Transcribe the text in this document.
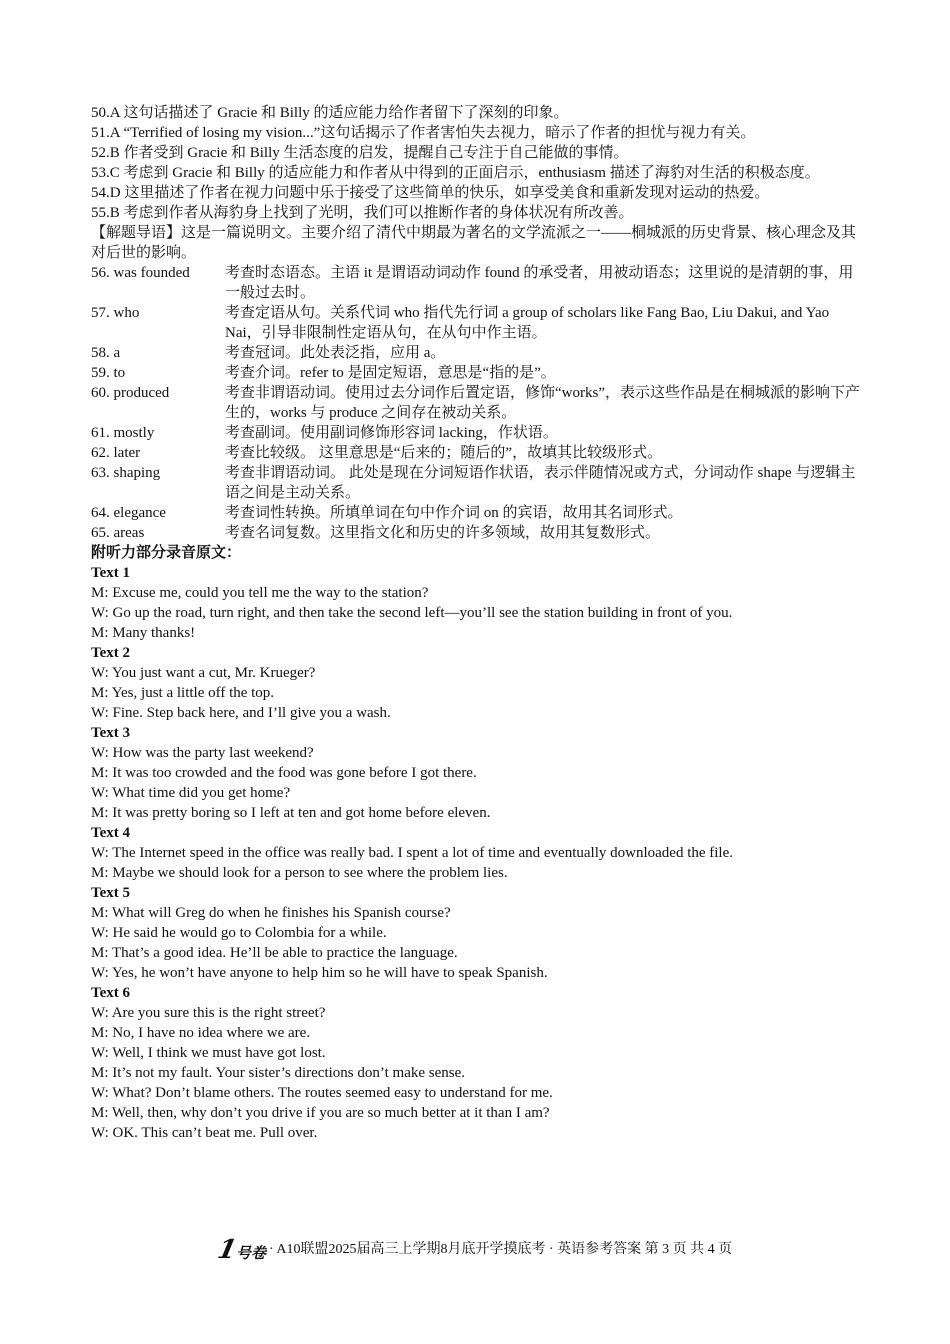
50.A 这句话描述了 Gracie 和 Billy 的适应能力给作者留下了深刻的印象。
51.A “Terrified of losing my vision...”这句话揭示了作者害怕失去视力，暗示了作者的担忧与视力有关。
52.B 作者受到 Gracie 和 Billy 生活态度的启发，提醒自己专注于自己能做的事情。
53.C 考虑到 Gracie 和 Billy 的适应能力和作者从中得到的正面启示，enthusiasm 描述了海豹对生活的积极态度。
54.D 这里描述了作者在视力问题中乐于接受了这些简单的快乐，如享受美食和重新发现对运动的热爱。
55.B 考虑到作者从海豹身上找到了光明，我们可以推断作者的身体状况有所改善。
【解题导语】这是一篇说明文。主要介绍了清代中期最为著名的文学流派之一——桐城派的历史背景、核心理念及其对后世的影响。
56. was founded	考查时态语态。主语 it 是谓语动词动作 found 的承受者，用被动语态；这里说的是清朝的事，用一般过去时。
57. who	考查定语从句。关系代词 who 指代先行词 a group of scholars like Fang Bao, Liu Dakui, and Yao Nai，引导非限制性定语从句，在从句中作主语。
58. a	考查冠词。此处表泛指，应用 a。
59. to	考查介词。refer to 是固定短语，意思是“指的是”。
60. produced	考查非谓语动词。使用过去分词作后置定语，修饰“works”，表示这些作品是在桐城派的影响下产生的，works 与 produce 之间存在被动关系。
61. mostly	考查副词。使用副词修饰形容词 lacking，作状语。
62. later	考查比较级。 这里意思是“后来的；随后的”，故填其比较级形式。
63. shaping	考查非谓语动词。 此处是现在分词短语作状语，表示伴随情况或方式，分词动作 shape 与逻辑主语之间是主动关系。
64. elegance	考查词性转换。所填单词在句中作介词 on 的宾语，故用其名词形式。
65. areas	考查名词复数。这里指文化和历史的许多领域，故用其复数形式。
附听力部分录音原文：
Text 1
M: Excuse me, could you tell me the way to the station?
W: Go up the road, turn right, and then take the second left—you’ll see the station building in front of you.
M: Many thanks!
Text 2
W: You just want a cut, Mr. Krueger?
M: Yes, just a little off the top.
W: Fine. Step back here, and I’ll give you a wash.
Text 3
W: How was the party last weekend?
M: It was too crowded and the food was gone before I got there.
W: What time did you get home?
M: It was pretty boring so I left at ten and got home before eleven.
Text 4
W: The Internet speed in the office was really bad. I spent a lot of time and eventually downloaded the file.
M: Maybe we should look for a person to see where the problem lies.
Text 5
M: What will Greg do when he finishes his Spanish course?
W: He said he would go to Colombia for a while.
M: That’s a good idea. He’ll be able to practice the language.
W: Yes, he won’t have anyone to help him so he will have to speak Spanish.
Text 6
W: Are you sure this is the right street?
M: No, I have no idea where we are.
W: Well, I think we must have got lost.
M: It’s not my fault. Your sister’s directions don’t make sense.
W: What? Don’t blame others. The routes seemed easy to understand for me.
M: Well, then, why don’t you drive if you are so much better at it than I am?
W: OK. This can’t beat me. Pull over.
1
号卷 · A10联盟2025届高三上学期8月底开学摸底考 · 英语参考答案 第 3 页 共 4 页
